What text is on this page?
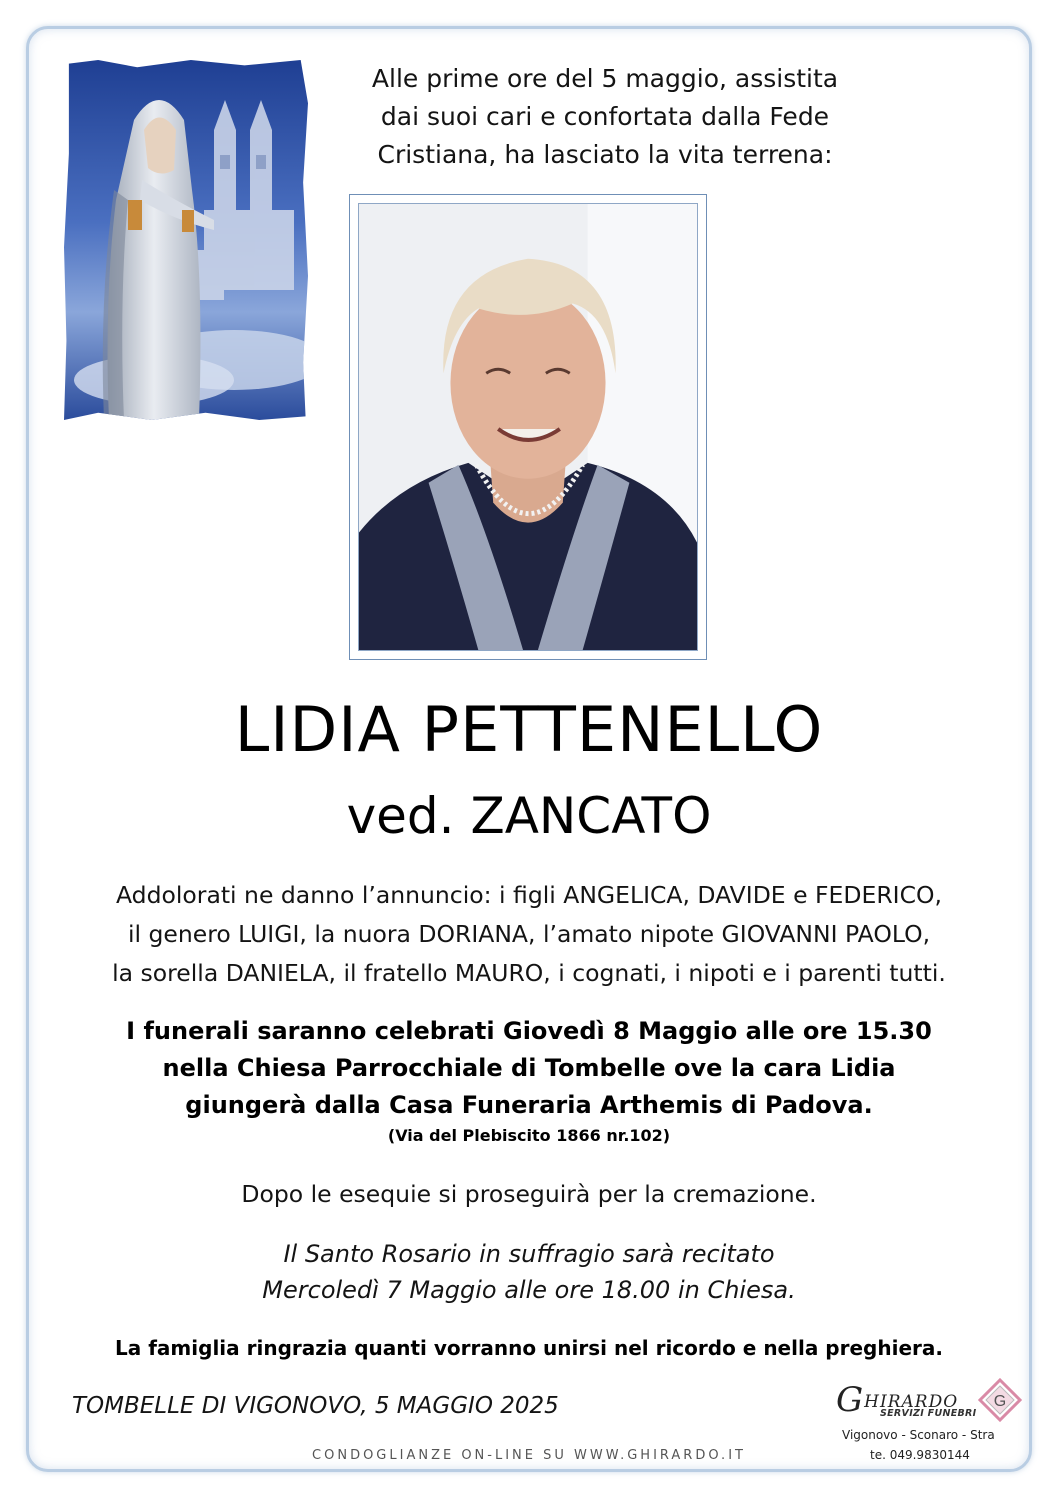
Alle prime ore del 5 maggio, assistita
dai suoi cari e confortata dalla Fede
Cristiana, ha lasciato la vita terrena:
LIDIA PETTENELLO
ved. ZANCATO
Addolorati ne danno l’annuncio: i figli ANGELICA, DAVIDE e FEDERICO,
il genero LUIGI, la nuora DORIANA, l’amato nipote GIOVANNI PAOLO,
la sorella DANIELA, il fratello MAURO, i cognati, i nipoti e i parenti tutti.
I funerali saranno celebrati Giovedì 8 Maggio alle ore 15.30
nella Chiesa Parrocchiale di Tombelle ove la cara Lidia
giungerà dalla Casa Funeraria Arthemis di Padova.
(Via del Plebiscito 1866 nr.102)
Dopo le esequie si proseguirà per la cremazione.
Il Santo Rosario in suffragio sarà recitato
Mercoledì 7 Maggio alle ore 18.00 in Chiesa.
La famiglia ringrazia quanti vorranno unirsi nel ricordo e nella preghiera.
TOMBELLE DI VIGONOVO, 5 MAGGIO 2025	GHIRARDO
SERVIZI FUNEBRI
G
Vigonovo - Sconaro - Stra
te. 049.9830144
CONDOGLIANZE ON-LINE SU WWW.GHIRARDO.IT
